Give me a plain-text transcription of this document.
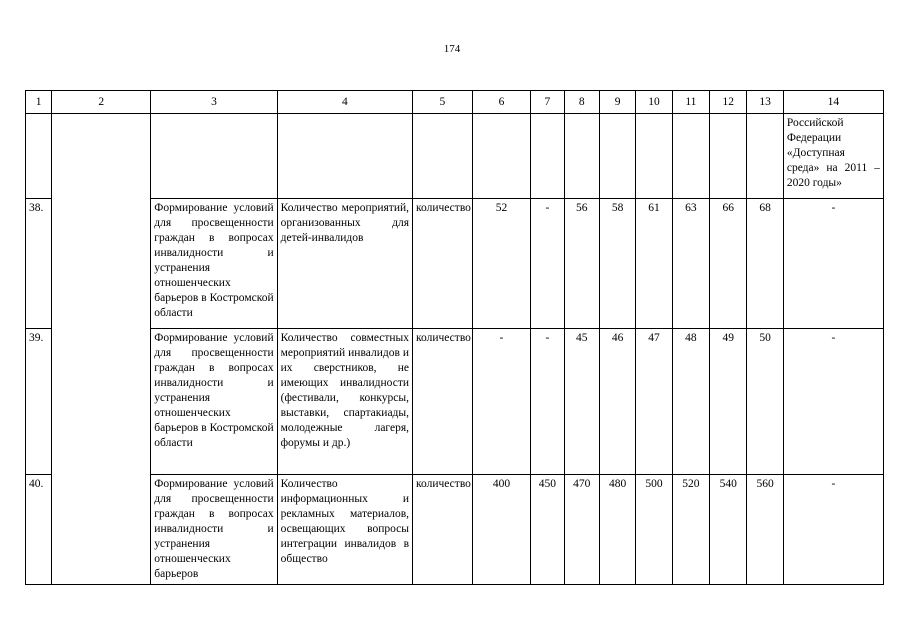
174
1	2	3	4	5	6	7	8	9	10	11	12	13	14
													Российской Федерации «Доступная среда» на 2011 – 2020 годы»
38.		Формирование условий для просвещенности граждан в вопросах инвалидности и устранения отношенческих барьеров в Костромской области	Количество мероприятий, организованных для детей-инвалидов	количество	52	-	56	58	61	63	66	68	-
39.		Формирование условий для просвещенности граждан в вопросах инвалидности и устранения отношенческих барьеров в Костромской области	Количество совместных мероприятий инвалидов и их сверстников, не имеющих инвалидности (фестивали, конкурсы, выставки, спартакиады, молодежные лагеря, форумы и др.)	количество	-	-	45	46	47	48	49	50	-
40.		Формирование условий для просвещенности граждан в вопросах инвалидности и устранения отношенческих барьеров	Количество информационных и рекламных материалов, освещающих вопросы интеграции инвалидов в общество	количество	400	450	470	480	500	520	540	560	-
